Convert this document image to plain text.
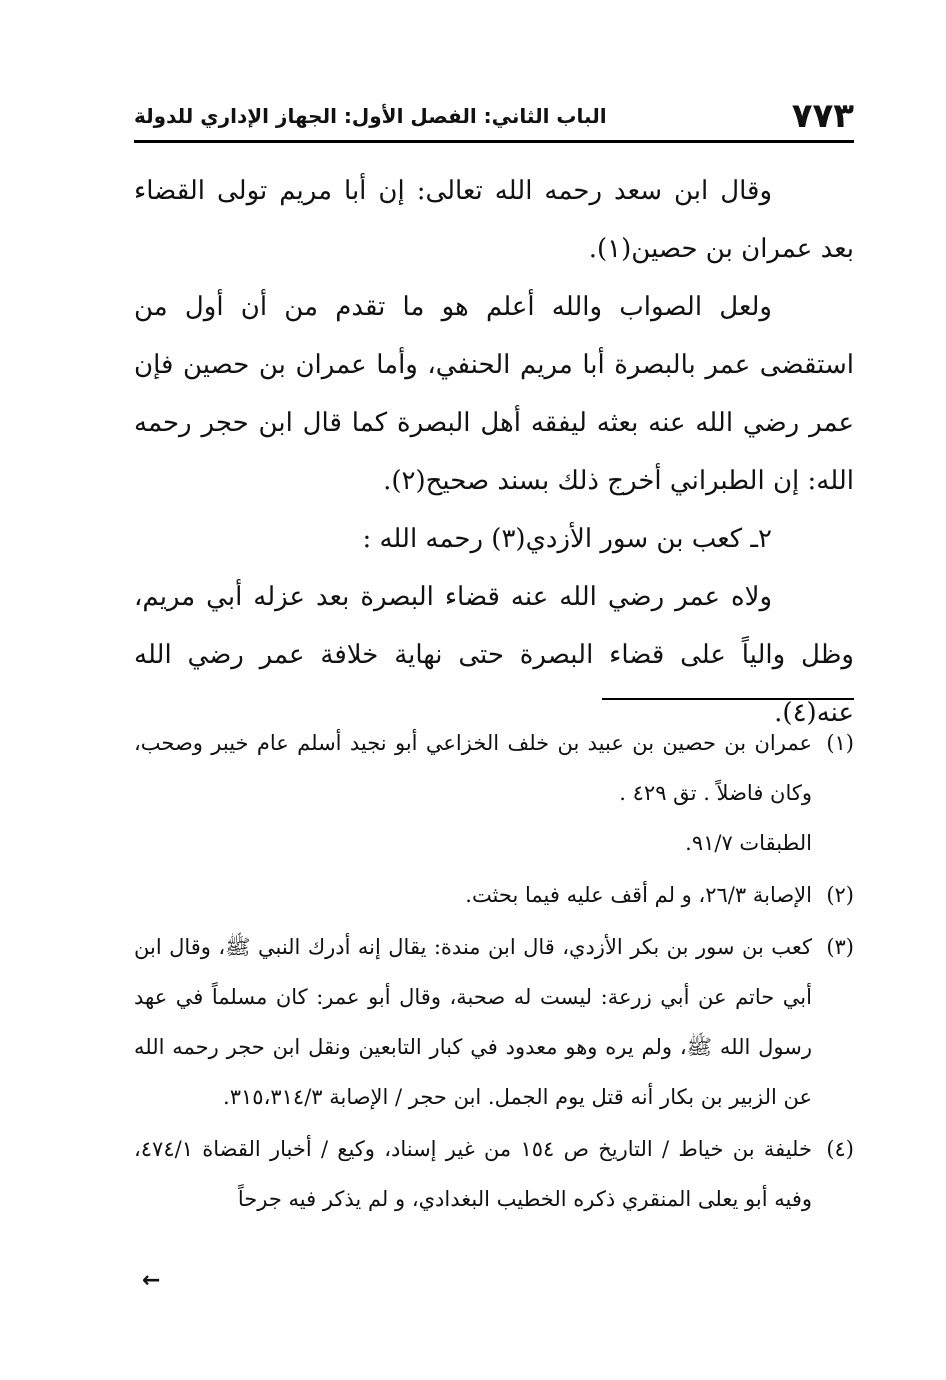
٧٧٣
الباب الثاني: الفصل الأول: الجهاز الإداري للدولة

وقال ابن سعد رحمه الله تعالى: إن أبا مريم تولى القضاء بعد عمران بن حصين(١).

ولعل الصواب والله أعلم هو ما تقدم من أن أول من استقضى عمر بالبصرة أبا مريم الحنفي، وأما عمران بن حصين فإن عمر رضي الله عنه بعثه ليفقه أهل البصرة كما قال ابن حجر رحمه الله: إن الطبراني أخرج ذلك بسند صحيح(٢).

٢ـ كعب بن سور الأزدي(٣) رحمه الله :

ولاه عمر رضي الله عنه قضاء البصرة بعد عزله أبي مريم، وظل والياً على قضاء البصرة حتى نهاية خلافة عمر رضي الله عنه(٤).

(١)

عمران بن حصين بن عبيد بن خلف الخزاعي أبو نجيد أسلم عام خيبر وصحب، وكان فاضلاً . تق ٤٢٩ .

الطبقات ٩١/٧.

(٢)

الإصابة ٢٦/٣، و لم أقف عليه فيما بحثت.

(٣)

كعب بن سور بن بكر الأزدي، قال ابن مندة: يقال إنه أدرك النبي ﷺ، وقال ابن أبي حاتم عن أبي زرعة: ليست له صحبة، وقال أبو عمر: كان مسلماً في عهد رسول الله ﷺ، ولم يره وهو معدود في كبار التابعين ونقل ابن حجر رحمه الله عن الزبير بن بكار أنه قتل يوم الجمل. ابن حجر / الإصابة ٣١٥،٣١٤/٣.

(٤)

خليفة بن خياط / التاريخ ص ١٥٤ من غير إسناد، وكيع / أخبار القضاة ٤٧٤/١، وفيه أبو يعلى المنقري ذكره الخطيب البغدادي، و لم يذكر فيه جرحاً

←
